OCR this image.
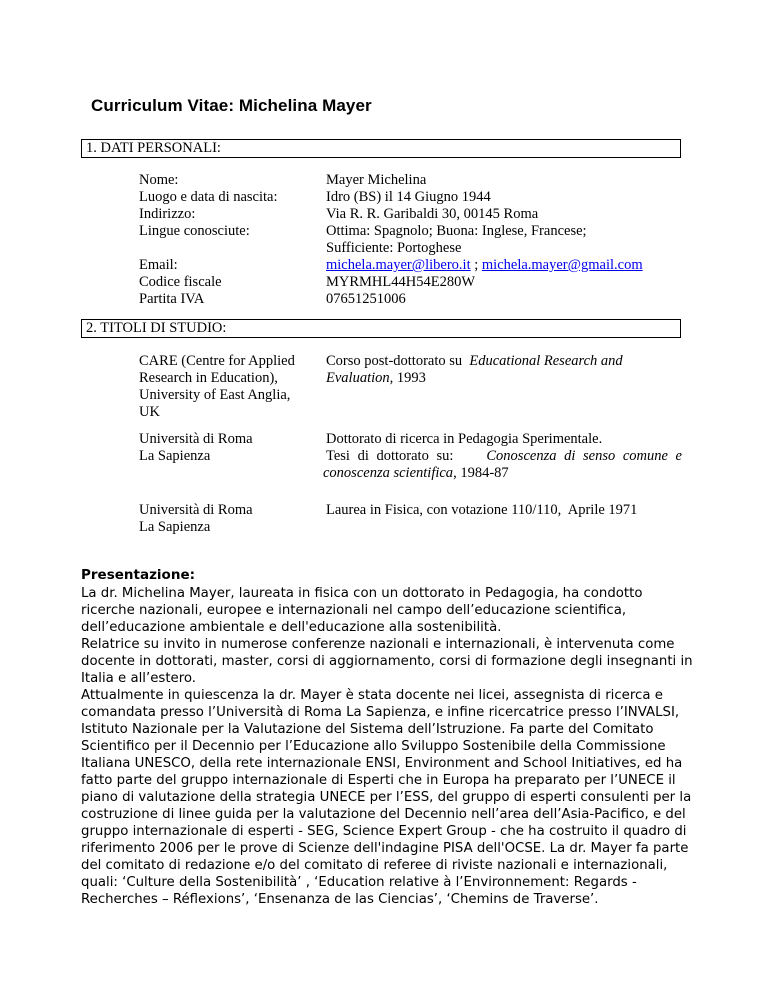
Curriculum Vitae: Michelina Mayer
1. DATI PERSONALI:
Nome:
Luogo e data di nascita:
Indirizzo:
Lingue conosciute:

Email:
Codice fiscale
Partita IVA
Mayer Michelina
Idro (BS) il 14 Giugno 1944
Via R. R. Garibaldi 30, 00145 Roma
Ottima: Spagnolo; Buona: Inglese, Francese;
Sufficiente: Portoghese
michela.mayer@libero.it ; michela.mayer@gmail.com
MYRMHL44H54E280W
07651251006
2. TITOLI DI STUDIO:
CARE (Centre for Applied
Research in Education),
University of East Anglia,
UK
Corso post-dottorato su  Educational Research and
Evaluation, 1993
Università di Roma
La Sapienza
Dottorato di ricerca in Pedagogia Sperimentale.
Tesi di dottorato su: Conoscenza di senso comune e
conoscenza scientifica, 1984-87
Università di Roma
La Sapienza
Laurea in Fisica, con votazione 110/110,  Aprile 1971
Presentazione:
La dr. Michelina Mayer, laureata in fisica con un dottorato in Pedagogia, ha condotto
ricerche nazionali, europee e internazionali nel campo dell’educazione scientifica,
dell’educazione ambientale e dell'educazione alla sostenibilità.
Relatrice su invito in numerose conferenze nazionali e internazionali, è intervenuta come
docente in dottorati, master, corsi di aggiornamento, corsi di formazione degli insegnanti in
Italia e all’estero.
Attualmente in quiescenza la dr. Mayer è stata docente nei licei, assegnista di ricerca e
comandata presso l’Università di Roma La Sapienza, e infine ricercatrice presso l’INVALSI,
Istituto Nazionale per la Valutazione del Sistema dell’Istruzione. Fa parte del Comitato
Scientifico per il Decennio per l’Educazione allo Sviluppo Sostenibile della Commissione
Italiana UNESCO, della rete internazionale ENSI, Environment and School Initiatives, ed ha
fatto parte del gruppo internazionale di Esperti che in Europa ha preparato per l’UNECE il
piano di valutazione della strategia UNECE per l’ESS, del gruppo di esperti consulenti per la
costruzione di linee guida per la valutazione del Decennio nell’area dell’Asia-Pacifico, e del
gruppo internazionale di esperti - SEG, Science Expert Group - che ha costruito il quadro di
riferimento 2006 per le prove di Scienze dell'indagine PISA dell'OCSE. La dr. Mayer fa parte
del comitato di redazione e/o del comitato di referee di riviste nazionali e internazionali,
quali: ‘Culture della Sostenibilità’ , ‘Education relative à l’Environnement: Regards -
Recherches – Réflexions’, ‘Ensenanza de las Ciencias’, ‘Chemins de Traverse’.
